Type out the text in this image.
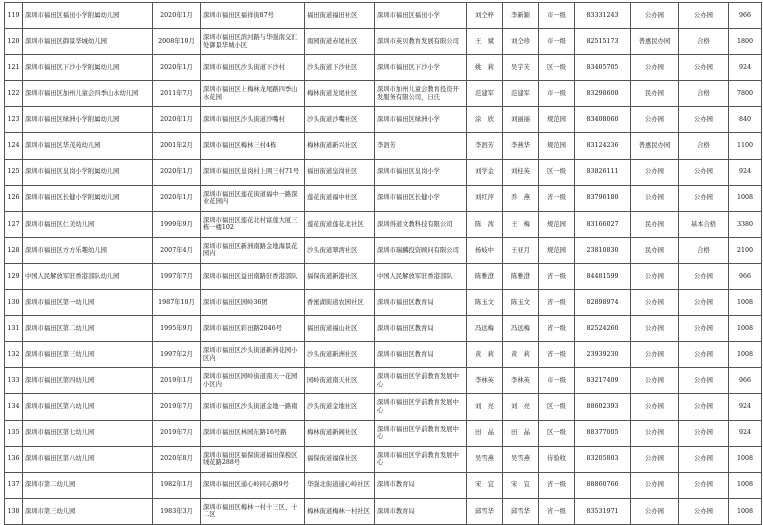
119	深圳市福田区福田小学附属幼儿园	2020年1月	深圳市福田区福祥街87号	福田街道福田社区	深圳市福田区福田小学	刘仝梓	李新颖	市一级	83331243	公办园	公办园	966
120	深圳市福田区御景华城幼儿园	2008年10月	深圳市福田区滨河路与华强南交汇处御景华城小区	南园街道赤尾社区	深圳市英贝教育发展有限公司	王　斌	刘仝珍	市一级	82515173	普惠民办园	合格	1800
121	深圳市福田区下沙小学附属幼儿园	2020年1月	深圳市福田区沙头街道下沙村	沙头街道下沙社区	深圳市福田区下沙小学	姚　莉	吴宇芙	区一级	83405705	公办园	公办园	924
122	深圳市福田区加州儿童会四季山水幼儿园	2011年7月	深圳市福田区上梅林龙尾路四季山水花园	梅林街道龙尾社区	深圳市加州儿童会教育投资开发服务有限公司，日氏	范建军	范建军	市一级	83298600	民办园	合格	7800
123	深圳市福田区绿洲小学附属幼儿园	2020年1月	深圳市福田区沙头街道沙嘴村	沙头街道沙嘴社区	深圳市福田区绿洲小学	涂　欣	刘丽丽	规范园	83408060	公办园	公办园	840
124	深圳市福田区华茂苑幼儿园	2001年2月	深圳市福田区梅林三村4栋	梅林街道新兴社区	李泗芳	李泗芳	李燕华	规范园	83124236	普惠民办园	合格	1100
125	深圳市福田区皇岗小学附属幼儿园	2020年1月	深圳市福田区皇岗村上围三村71号	福田街道皇岗社区	深圳市福田区皇岗小学	刘学金	刘桂英	区一级	83826111	公办园	公办园	924
126	深圳市福田区长健小学附属幼儿园	2020年1月	深圳市福田区莲花街道福中一路深业花园内	莲花街道福中社区	深圳市福田区长健小学	刘红萍	乔　燕	省一级	83796180	公办园	公办园	1008
127	深圳市福田区仁美幼儿园	1999年9月	深圳市福田区莲花北村富莲大厦三栋一楼102	莲花街道莲花北社区	深圳得道文教科技有限公司	陈　茜	王　梅	规范园	83166027	民办园	基本合格	3380
128	深圳市福田区方方乐趣幼儿园	2007年4月	深圳市福田区新洲南路金地海景花园内	沙头街道翠湾社区	深圳市瑞麟投资顾问有限公司	杨岐中	王亚月	规范园	23810830	民办园	合格	2100
129	中国人民解放军驻香港部队幼儿园	1997年7月	深圳市福田区益田南路驻香港部队	福保街道新港社区	中国人民解放军驻香港部队	陈雅澄	陈雅澄	省一级	84481599	公办园	公办园	966
130	深圳市福田区第一幼儿园	1987年10月	深圳市福田区园岭36团	香蜜湖街道农园社区	深圳市福田区教育局	陈玉文	陈玉文	省一级	82898974	公办园	公办园	1008
131	深圳市福田区第二幼儿园	1995年9月	深圳市福田区彩田路2046号	福田街道福山社区	深圳市福田区教育局	冯远梅	冯远梅	省一级	82524260	公办园	公办园	1008
132	深圳市福田区第三幼儿园	1997年2月	深圳市福田区沙头街道新洲花园小区内	沙头街道新洲社区	深圳市福田区教育局	黄　莉	黄　莉	省一级	23939230	公办园	公办园	1008
133	深圳市福田区第四幼儿园	2019年1月	深圳市福田区园岭街道南天一花园小区内	园岭街道南天社区	深圳市福田区学前教育发展中心	李林英	李林英	市一级	83217409	公办园	公办园	966
134	深圳市福田区第六幼儿园	2019年7月	深圳市福田区沙头街道金地一路南	沙头街道金地社区	深圳市福田区学前教育发展中心	刘　亮	刘　亮	区一级	88602393	公办园	公办园	924
135	深圳市福田区第七幼儿园	2019年7月	深圳市福田区林园东路16号路	梅林街道新阁社区	深圳市福田区学前教育发展中心	田　晶	田　晶	区一级	88377005	公办园	公办园	924
136	深圳市福田区第八幼儿园	2020年8月	深圳市福田区福保街道福田保税区绒花路288号	福保街道福保社区	深圳市福田区学前教育发展中心	吴雪燕	吴雪燕	待验收	83205803	公办园	公办园	1008
137	深圳市第二幼儿园	1982年1月	深圳市福田区通心岭同心路9号	华强北街道通心岭社区	深圳市教育局	宋　宜	宋　宜	省一级	88860766	公办园	公办园	1008
138	深圳市第三幼儿园	1983年3月	深圳市福田区梅林一村十三区、十二区	梅林街道梅林一村社区	深圳市教育局	邱雪华	邱雪华	省一级	83531971	公办园	公办园	1008
